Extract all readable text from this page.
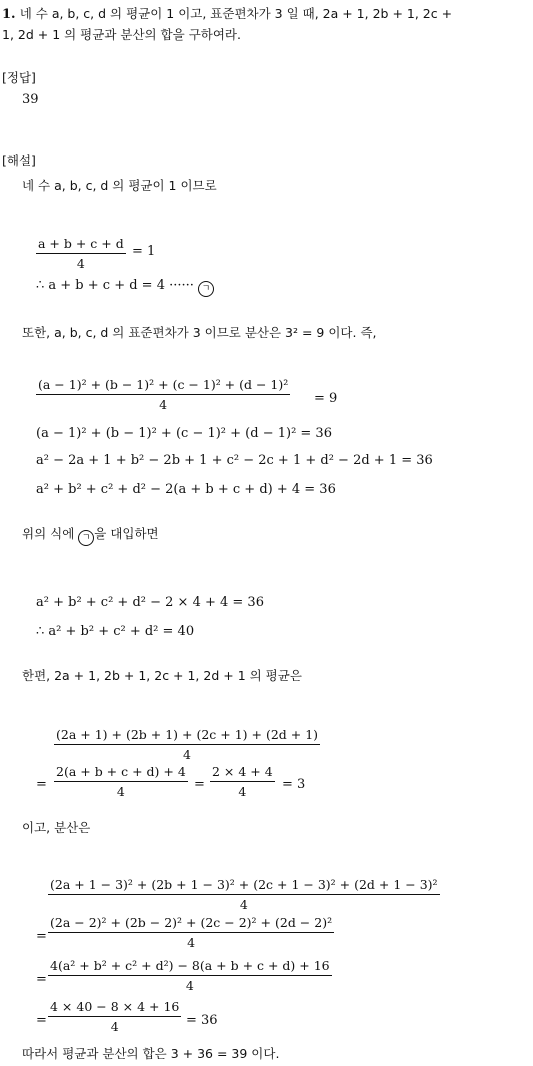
1. 네 수 a, b, c, d 의 평균이 1 이고, 표준편차가 3 일 때, 2a + 1, 2b + 1, 2c +
1, 2d + 1 의 평균과 분산의 합을 구하여라.
[정답]
39
[해설]
네 수 a, b, c, d 의 평균이 1 이므로
$\frac{a + b + c + d}{4} = 1$
∴ a + b + c + d = 4 ······ ㄱ
또한, a, b, c, d 의 표준편차가 3 이므로 분산은 3² = 9 이다. 즉,
$\frac{\text{(a − 1)² + (b − 1)² + (c − 1)² + (d − 1)²}}{4} = 9$
(a − 1)² + (b − 1)² + (c − 1)² + (d − 1)² = 36
a² − 2a + 1 + b² − 2b + 1 + c² − 2c + 1 + d² − 2d + 1 = 36
a² + b² + c² + d² − 2(a + b + c + d) + 4 = 36
위의 식에 ㄱ 을 대입하면
a² + b² + c² + d² − 2 × 4 + 4 = 36
∴ a² + b² + c² + d² = 40
한편, 2a + 1, 2b + 1, 2c + 1, 2d + 1 의 평균은
$\frac{(2a + 1) + (2b + 1) + (2c + 1) + (2d + 1)}{4}$
= $\frac{2(a + b + c + d) + 4}{4} = \frac{2 \times 4 + 4}{4} = 3$
이고, 분산은
(2a + 1 − 3)² + (2b + 1 − 3)² + (2c + 1 − 3)² + (2d + 1 − 3)²
4
= $\frac{\text{(2a − 2)² + (2b − 2)² + (2c − 2)² + (2d − 2)²}}{4}$
= $\frac{\text{4(a² + b² + c² + d²) − 8(a + b + c + d) + 16}}{4}$
= $\frac{4 \times 40 - 8 \times 4 + 16}{4} = 36$
따라서 평균과 분산의 합은 3 + 36 = 39 이다.
